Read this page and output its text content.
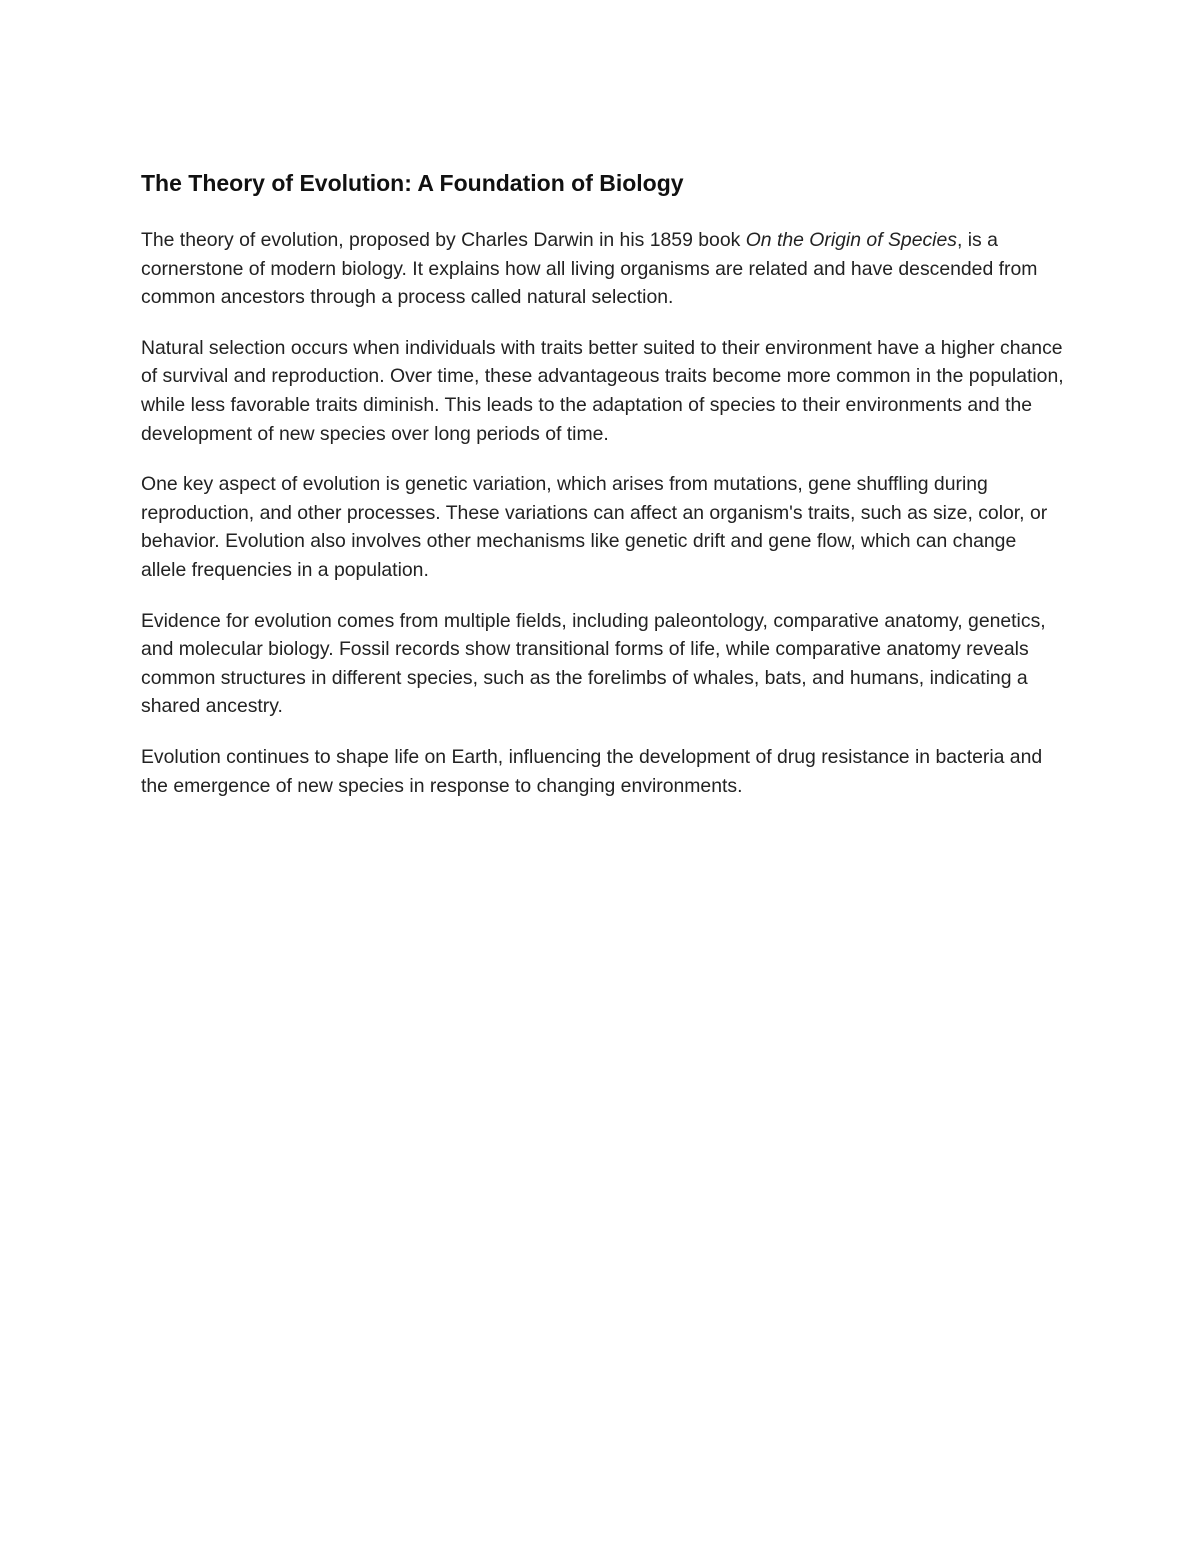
The Theory of Evolution: A Foundation of Biology

The theory of evolution, proposed by Charles Darwin in his 1859 book On the Origin of Species, is a cornerstone of modern biology. It explains how all living organisms are related and have descended from common ancestors through a process called natural selection.

Natural selection occurs when individuals with traits better suited to their environment have a higher chance of survival and reproduction. Over time, these advantageous traits become more common in the population, while less favorable traits diminish. This leads to the adaptation of species to their environments and the development of new species over long periods of time.

One key aspect of evolution is genetic variation, which arises from mutations, gene shuffling during reproduction, and other processes. These variations can affect an organism's traits, such as size, color, or behavior. Evolution also involves other mechanisms like genetic drift and gene flow, which can change allele frequencies in a population.

Evidence for evolution comes from multiple fields, including paleontology, comparative anatomy, genetics, and molecular biology. Fossil records show transitional forms of life, while comparative anatomy reveals common structures in different species, such as the forelimbs of whales, bats, and humans, indicating a shared ancestry.

Evolution continues to shape life on Earth, influencing the development of drug resistance in bacteria and the emergence of new species in response to changing environments.
